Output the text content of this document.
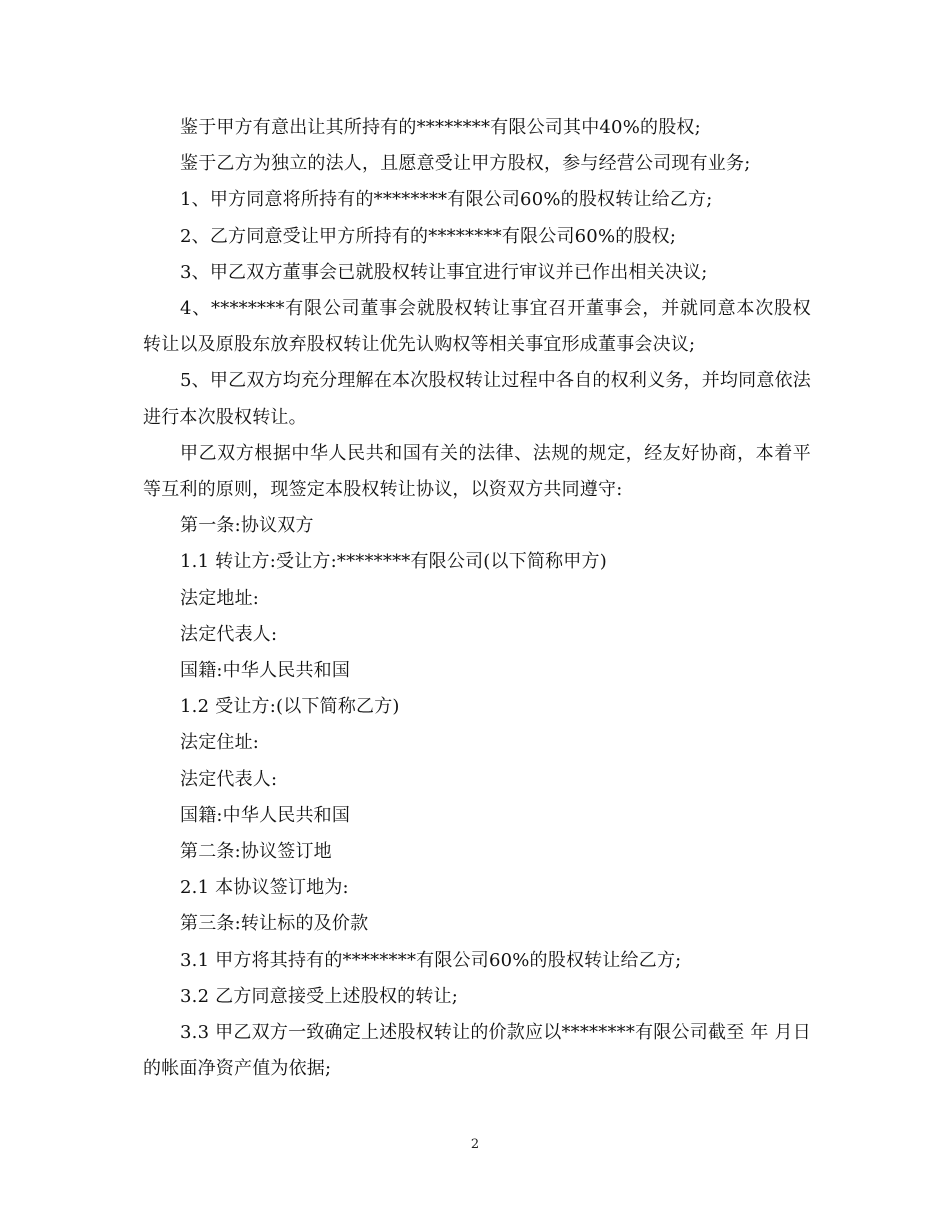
鉴于甲方有意出让其所持有的********有限公司其中40%的股权;

鉴于乙方为独立的法人，且愿意受让甲方股权，参与经营公司现有业务;

1、甲方同意将所持有的********有限公司60%的股权转让给乙方;

2、乙方同意受让甲方所持有的********有限公司60%的股权;

3、甲乙双方董事会已就股权转让事宜进行审议并已作出相关决议;

4、********有限公司董事会就股权转让事宜召开董事会，并就同意本次股权转让以及原股东放弃股权转让优先认购权等相关事宜形成董事会决议;

5、甲乙双方均充分理解在本次股权转让过程中各自的权利义务，并均同意依法进行本次股权转让。

甲乙双方根据中华人民共和国有关的法律、法规的规定，经友好协商，本着平等互利的原则，现签定本股权转让协议，以资双方共同遵守:

第一条:协议双方

1.1 转让方:受让方:********有限公司(以下简称甲方)

法定地址:

法定代表人:

国籍:中华人民共和国

1.2 受让方:(以下简称乙方)

法定住址:

法定代表人:

国籍:中华人民共和国

第二条:协议签订地

2.1 本协议签订地为:

第三条:转让标的及价款

3.1 甲方将其持有的********有限公司60%的股权转让给乙方;

3.2 乙方同意接受上述股权的转让;

3.3 甲乙双方一致确定上述股权转让的价款应以********有限公司截至 年 月日的帐面净资产值为依据;

2
